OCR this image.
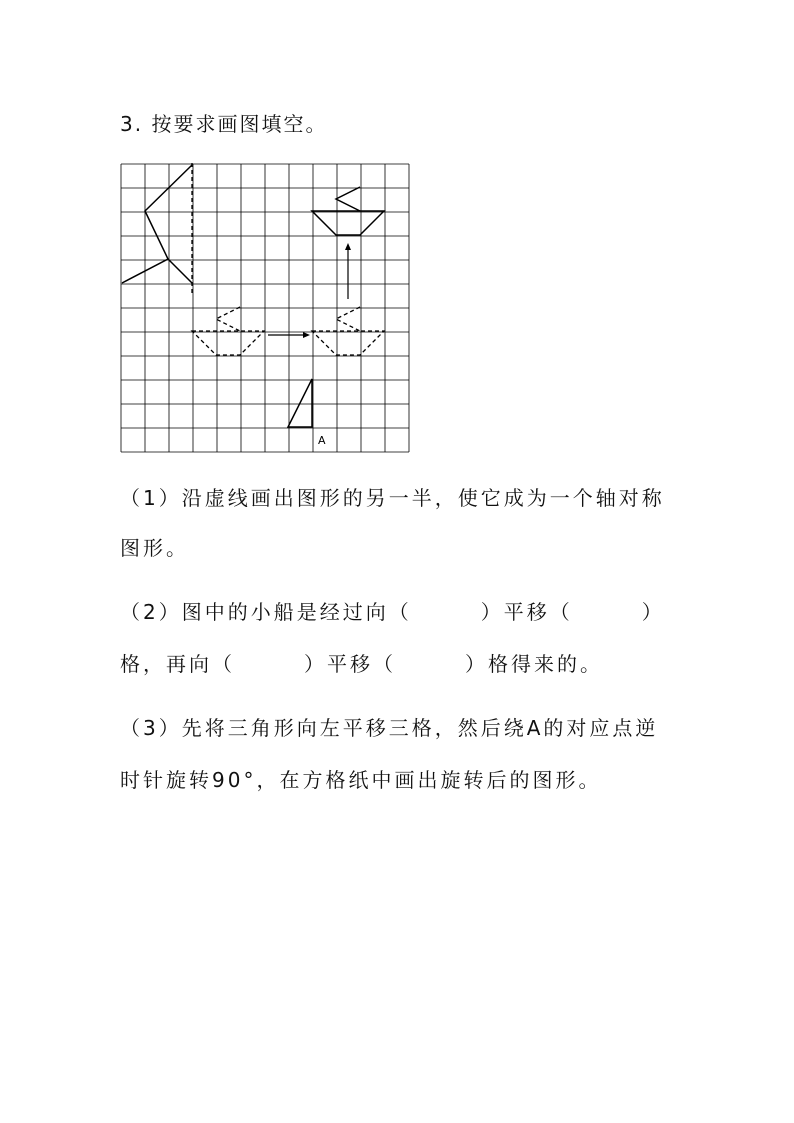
3. 按要求画图填空。
A
（1）沿虚线画出图形的另一半，使它成为一个轴对称
图形。
（2）图中的小船是经过向（　　　）平移（　　　）
格，再向（　　　）平移（　　　）格得来的。
（3）先将三角形向左平移三格，然后绕A的对应点逆
时针旋转90°，在方格纸中画出旋转后的图形。
